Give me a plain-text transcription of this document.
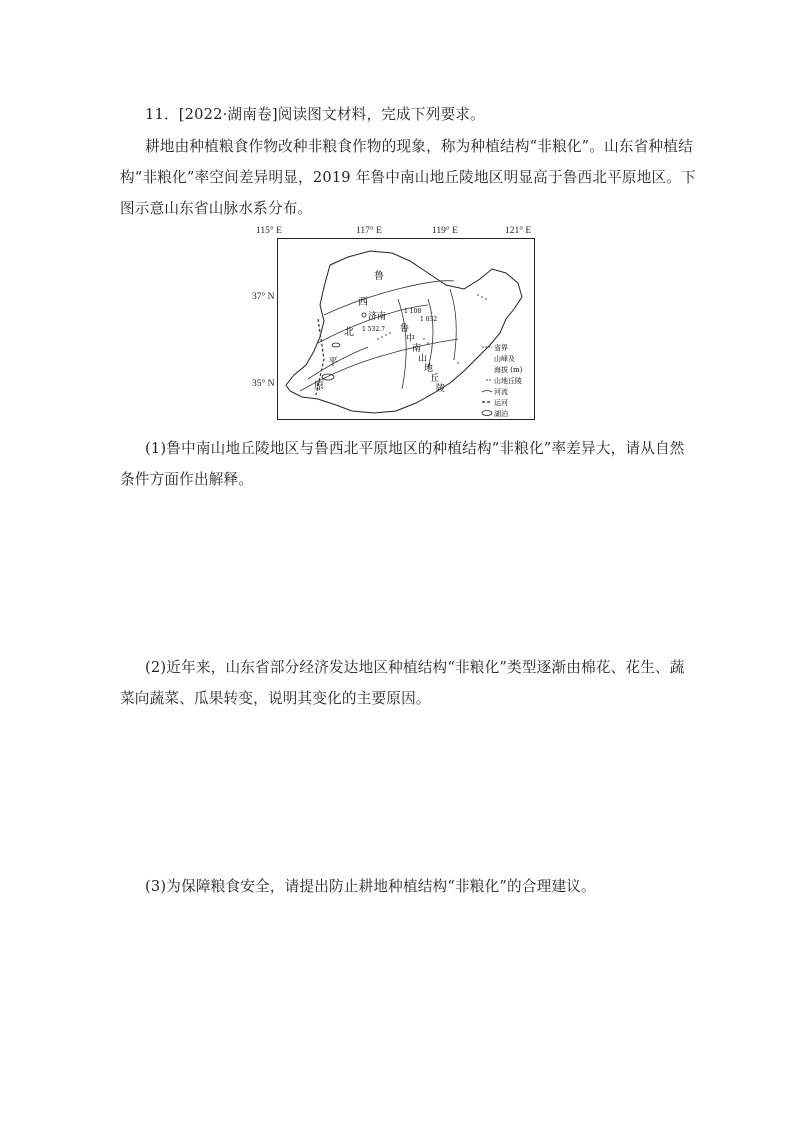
11．[2022·湖南卷]阅读图文材料，完成下列要求。
耕地由种植粮食作物改种非粮食作物的现象，称为种植结构“非粮化”。山东省种植结
构“非粮化”率空间差异明显，2019 年鲁中南山地丘陵地区明显高于鲁西北平原地区。下
图示意山东省山脉水系分布。
115° E	117° E	119° E	121° E
37° N
35° N
鲁
西
北
平
原
鲁
中
南
山
地
丘
陵
济南
1 532.7
1 108
1 032
省界
山峰及
海拔 (m)
山地丘陵
河流
运河
湖泊
(1)鲁中南山地丘陵地区与鲁西北平原地区的种植结构“非粮化”率差异大，请从自然
条件方面作出解释。
(2)近年来，山东省部分经济发达地区种植结构“非粮化”类型逐渐由棉花、花生、蔬
菜向蔬菜、瓜果转变，说明其变化的主要原因。
(3)为保障粮食安全，请提出防止耕地种植结构“非粮化”的合理建议。
